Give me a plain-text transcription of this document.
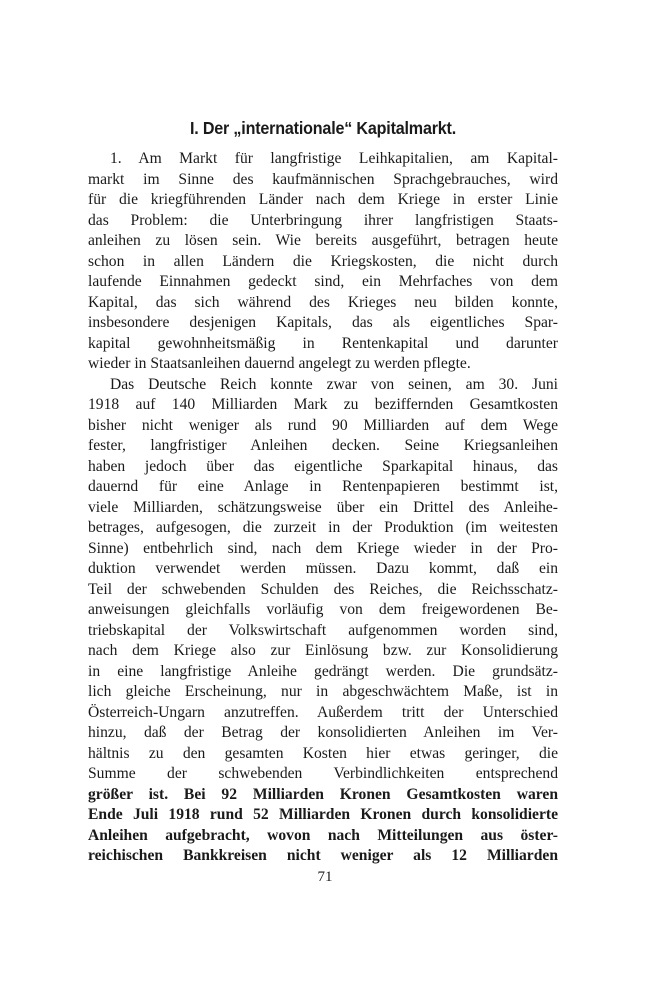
I. Der „internationale“ Kapitalmarkt.
1. Am Markt für langfristige Leihkapitalien, am Kapital-
markt im Sinne des kaufmännischen Sprachgebrauches, wird
für die kriegführenden Länder nach dem Kriege in erster Linie
das Problem: die Unterbringung ihrer langfristigen Staats-
anleihen zu lösen sein. Wie bereits ausgeführt, betragen heute
schon in allen Ländern die Kriegskosten, die nicht durch
laufende Einnahmen gedeckt sind, ein Mehrfaches von dem
Kapital, das sich während des Krieges neu bilden konnte,
insbesondere desjenigen Kapitals, das als eigentliches Spar-
kapital gewohnheitsmäßig in Rentenkapital und darunter
wieder in Staatsanleihen dauernd angelegt zu werden pflegte.
Das Deutsche Reich konnte zwar von seinen, am 30. Juni
1918 auf 140 Milliarden Mark zu beziffernden Gesamtkosten
bisher nicht weniger als rund 90 Milliarden auf dem Wege
fester, langfristiger Anleihen decken. Seine Kriegsanleihen
haben jedoch über das eigentliche Sparkapital hinaus, das
dauernd für eine Anlage in Rentenpapieren bestimmt ist,
viele Milliarden, schätzungsweise über ein Drittel des Anleihe-
betrages, aufgesogen, die zurzeit in der Produktion (im weitesten
Sinne) entbehrlich sind, nach dem Kriege wieder in der Pro-
duktion verwendet werden müssen. Dazu kommt, daß ein
Teil der schwebenden Schulden des Reiches, die Reichsschatz-
anweisungen gleichfalls vorläufig von dem freigewordenen Be-
triebskapital der Volkswirtschaft aufgenommen worden sind,
nach dem Kriege also zur Einlösung bzw. zur Konsolidierung
in eine langfristige Anleihe gedrängt werden. Die grundsätz-
lich gleiche Erscheinung, nur in abgeschwächtem Maße, ist in
Österreich-Ungarn anzutreffen. Außerdem tritt der Unterschied
hinzu, daß der Betrag der konsolidierten Anleihen im Ver-
hältnis zu den gesamten Kosten hier etwas geringer, die
Summe der schwebenden Verbindlichkeiten entsprechend
größer ist. Bei 92 Milliarden Kronen Gesamtkosten waren
Ende Juli 1918 rund 52 Milliarden Kronen durch konsolidierte
Anleihen aufgebracht, wovon nach Mitteilungen aus öster-
reichischen Bankkreisen nicht weniger als 12 Milliarden
71
